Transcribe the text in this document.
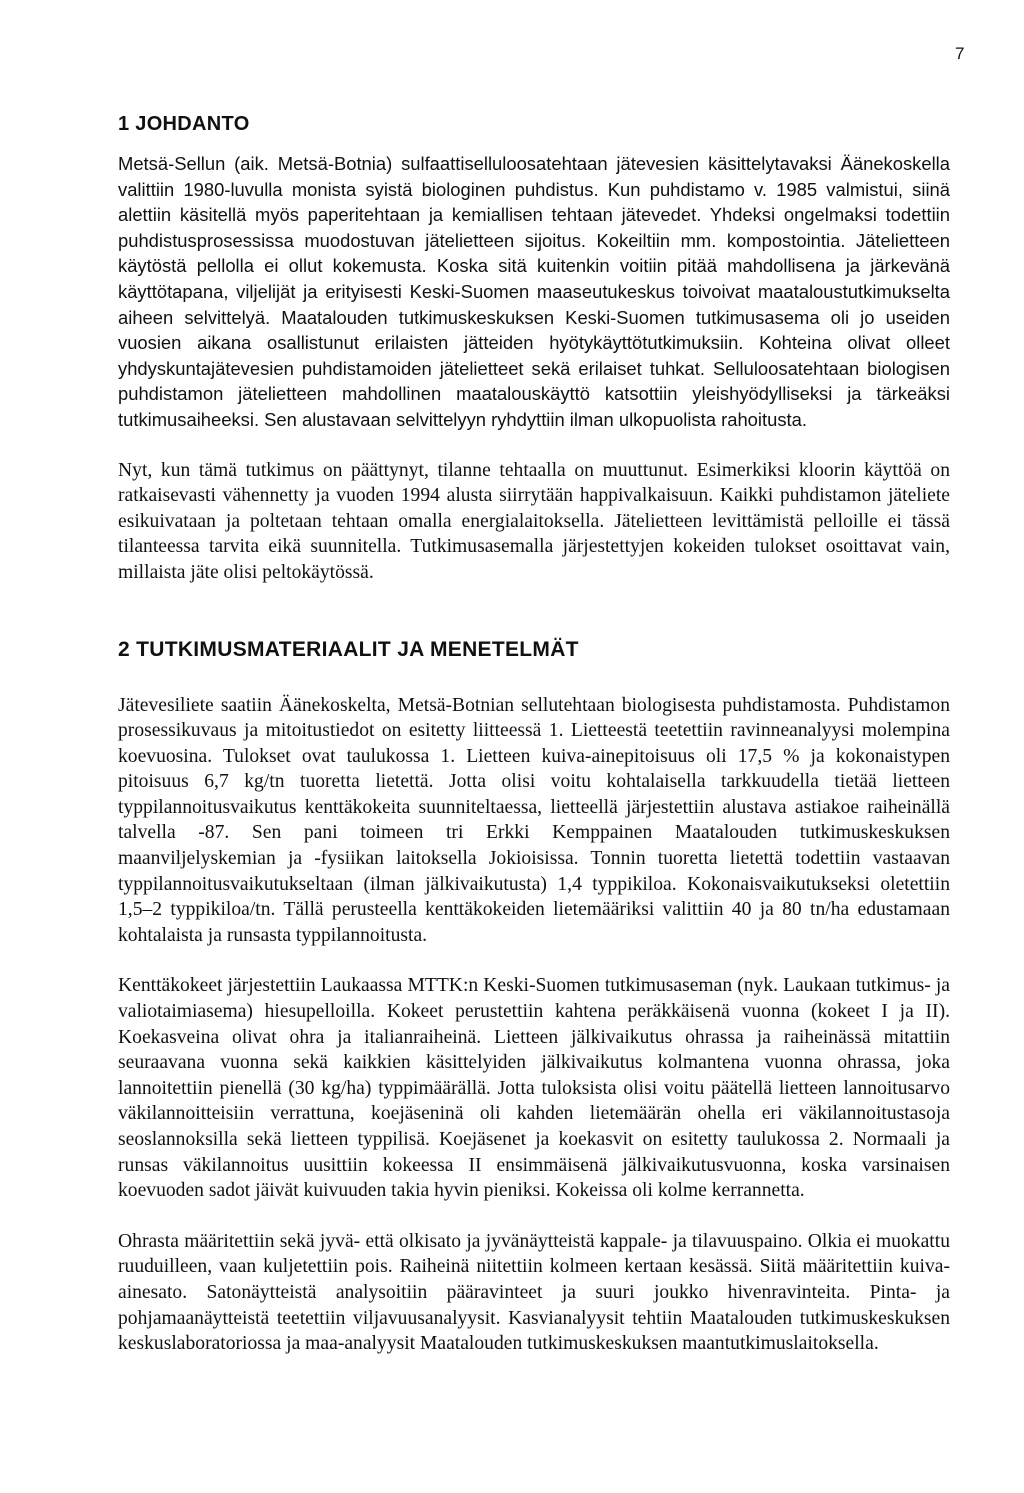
7
1 JOHDANTO

Metsä-Sellun (aik. Metsä-Botnia) sulfaattiselluloosatehtaan jätevesien käsittelytavaksi Äänekoskella valittiin 1980-luvulla monista syistä biologinen puhdistus. Kun puhdistamo v. 1985 valmistui, siinä alettiin käsitellä myös paperitehtaan ja kemiallisen tehtaan jätevedet. Yhdeksi ongelmaksi todettiin puhdistusprosessissa muodostuvan jätelietteen sijoitus. Kokeiltiin mm. kompostointia. Jätelietteen käytöstä pellolla ei ollut kokemusta. Koska sitä kuitenkin voitiin pitää mahdollisena ja järkevänä käyttötapana, viljelijät ja erityisesti Keski-Suomen maaseutukeskus toivoivat maataloustutkimukselta aiheen selvittelyä. Maatalouden tutkimuskeskuksen Keski-Suomen tutkimusasema oli jo useiden vuosien aikana osallistunut erilaisten jätteiden hyötykäyttötutkimuksiin. Kohteina olivat olleet yhdyskuntajätevesien puhdistamoiden jätelietteet sekä erilaiset tuhkat. Selluloosatehtaan biologisen puhdistamon jätelietteen mahdollinen maatalouskäyttö katsottiin yleishyödylliseksi ja tärkeäksi tutkimusaiheeksi. Sen alustavaan selvittelyyn ryhdyttiin ilman ulkopuolista rahoitusta.

Nyt, kun tämä tutkimus on päättynyt, tilanne tehtaalla on muuttunut. Esimerkiksi kloorin käyttöä on ratkaisevasti vähennetty ja vuoden 1994 alusta siirrytään happivalkaisuun. Kaikki puhdistamon jäteliete esikuivataan ja poltetaan tehtaan omalla energialaitoksella. Jätelietteen levittämistä pelloille ei tässä tilanteessa tarvita eikä suunnitella. Tutkimusasemalla järjestettyjen kokeiden tulokset osoittavat vain, millaista jäte olisi peltokäytössä.

2 TUTKIMUSMATERIAALIT JA MENETELMÄT

Jätevesiliete saatiin Äänekoskelta, Metsä-Botnian sellutehtaan biologisesta puhdistamosta. Puhdistamon prosessikuvaus ja mitoitustiedot on esitetty liitteessä 1. Lietteestä teetettiin ravinneanalyysi molempina koevuosina. Tulokset ovat taulukossa 1. Lietteen kuiva-ainepitoisuus oli 17,5 % ja kokonaistypen pitoisuus 6,7 kg/tn tuoretta lietettä. Jotta olisi voitu kohtalaisella tarkkuudella tietää lietteen typpilannoitusvaikutus kenttäkokeita suunniteltaessa, lietteellä järjestettiin alustava astiakoe raiheinällä talvella -87. Sen pani toimeen tri Erkki Kemppainen Maatalouden tutkimuskeskuksen maanviljelyskemian ja -fysiikan laitoksella Jokioisissa. Tonnin tuoretta lietettä todettiin vastaavan typpilannoitusvaikutukseltaan (ilman jälkivaikutusta) 1,4 typpikiloa. Kokonaisvaikutukseksi oletettiin 1,5–2 typpikiloa/tn. Tällä perusteella kenttäkokeiden lietemääriksi valittiin 40 ja 80 tn/ha edustamaan kohtalaista ja runsasta typpilannoitusta.

Kenttäkokeet järjestettiin Laukaassa MTTK:n Keski-Suomen tutkimusaseman (nyk. Laukaan tutkimus- ja valiotaimiasema) hiesupelloilla. Kokeet perustettiin kahtena peräkkäisenä vuonna (kokeet I ja II). Koekasveina olivat ohra ja italianraiheinä. Lietteen jälkivaikutus ohrassa ja raiheinässä mitattiin seuraavana vuonna sekä kaikkien käsittelyiden jälkivaikutus kolmantena vuonna ohrassa, joka lannoitettiin pienellä (30 kg/ha) typpimäärällä. Jotta tuloksista olisi voitu päätellä lietteen lannoitusarvo väkilannoitteisiin verrattuna, koejäseninä oli kahden lietemäärän ohella eri väkilannoitustasoja seoslannoksilla sekä lietteen typpilisä. Koejäsenet ja koekasvit on esitetty taulukossa 2. Normaali ja runsas väkilannoitus uusittiin kokeessa II ensimmäisenä jälkivaikutusvuonna, koska varsinaisen koevuoden sadot jäivät kuivuuden takia hyvin pieniksi. Kokeissa oli kolme kerrannetta.

Ohrasta määritettiin sekä jyvä- että olkisato ja jyvänäytteistä kappale- ja tilavuuspaino. Olkia ei muokattu ruuduilleen, vaan kuljetettiin pois. Raiheinä niitettiin kolmeen kertaan kesässä. Siitä määritettiin kuiva-ainesato. Satonäytteistä analysoitiin pääravinteet ja suuri joukko hivenravinteita. Pinta- ja pohjamaanäytteistä teetettiin viljavuusanalyysit. Kasvianalyysit tehtiin Maatalouden tutkimuskeskuksen keskuslaboratoriossa ja maa-analyysit Maatalouden tutkimuskeskuksen maantutkimuslaitoksella.
